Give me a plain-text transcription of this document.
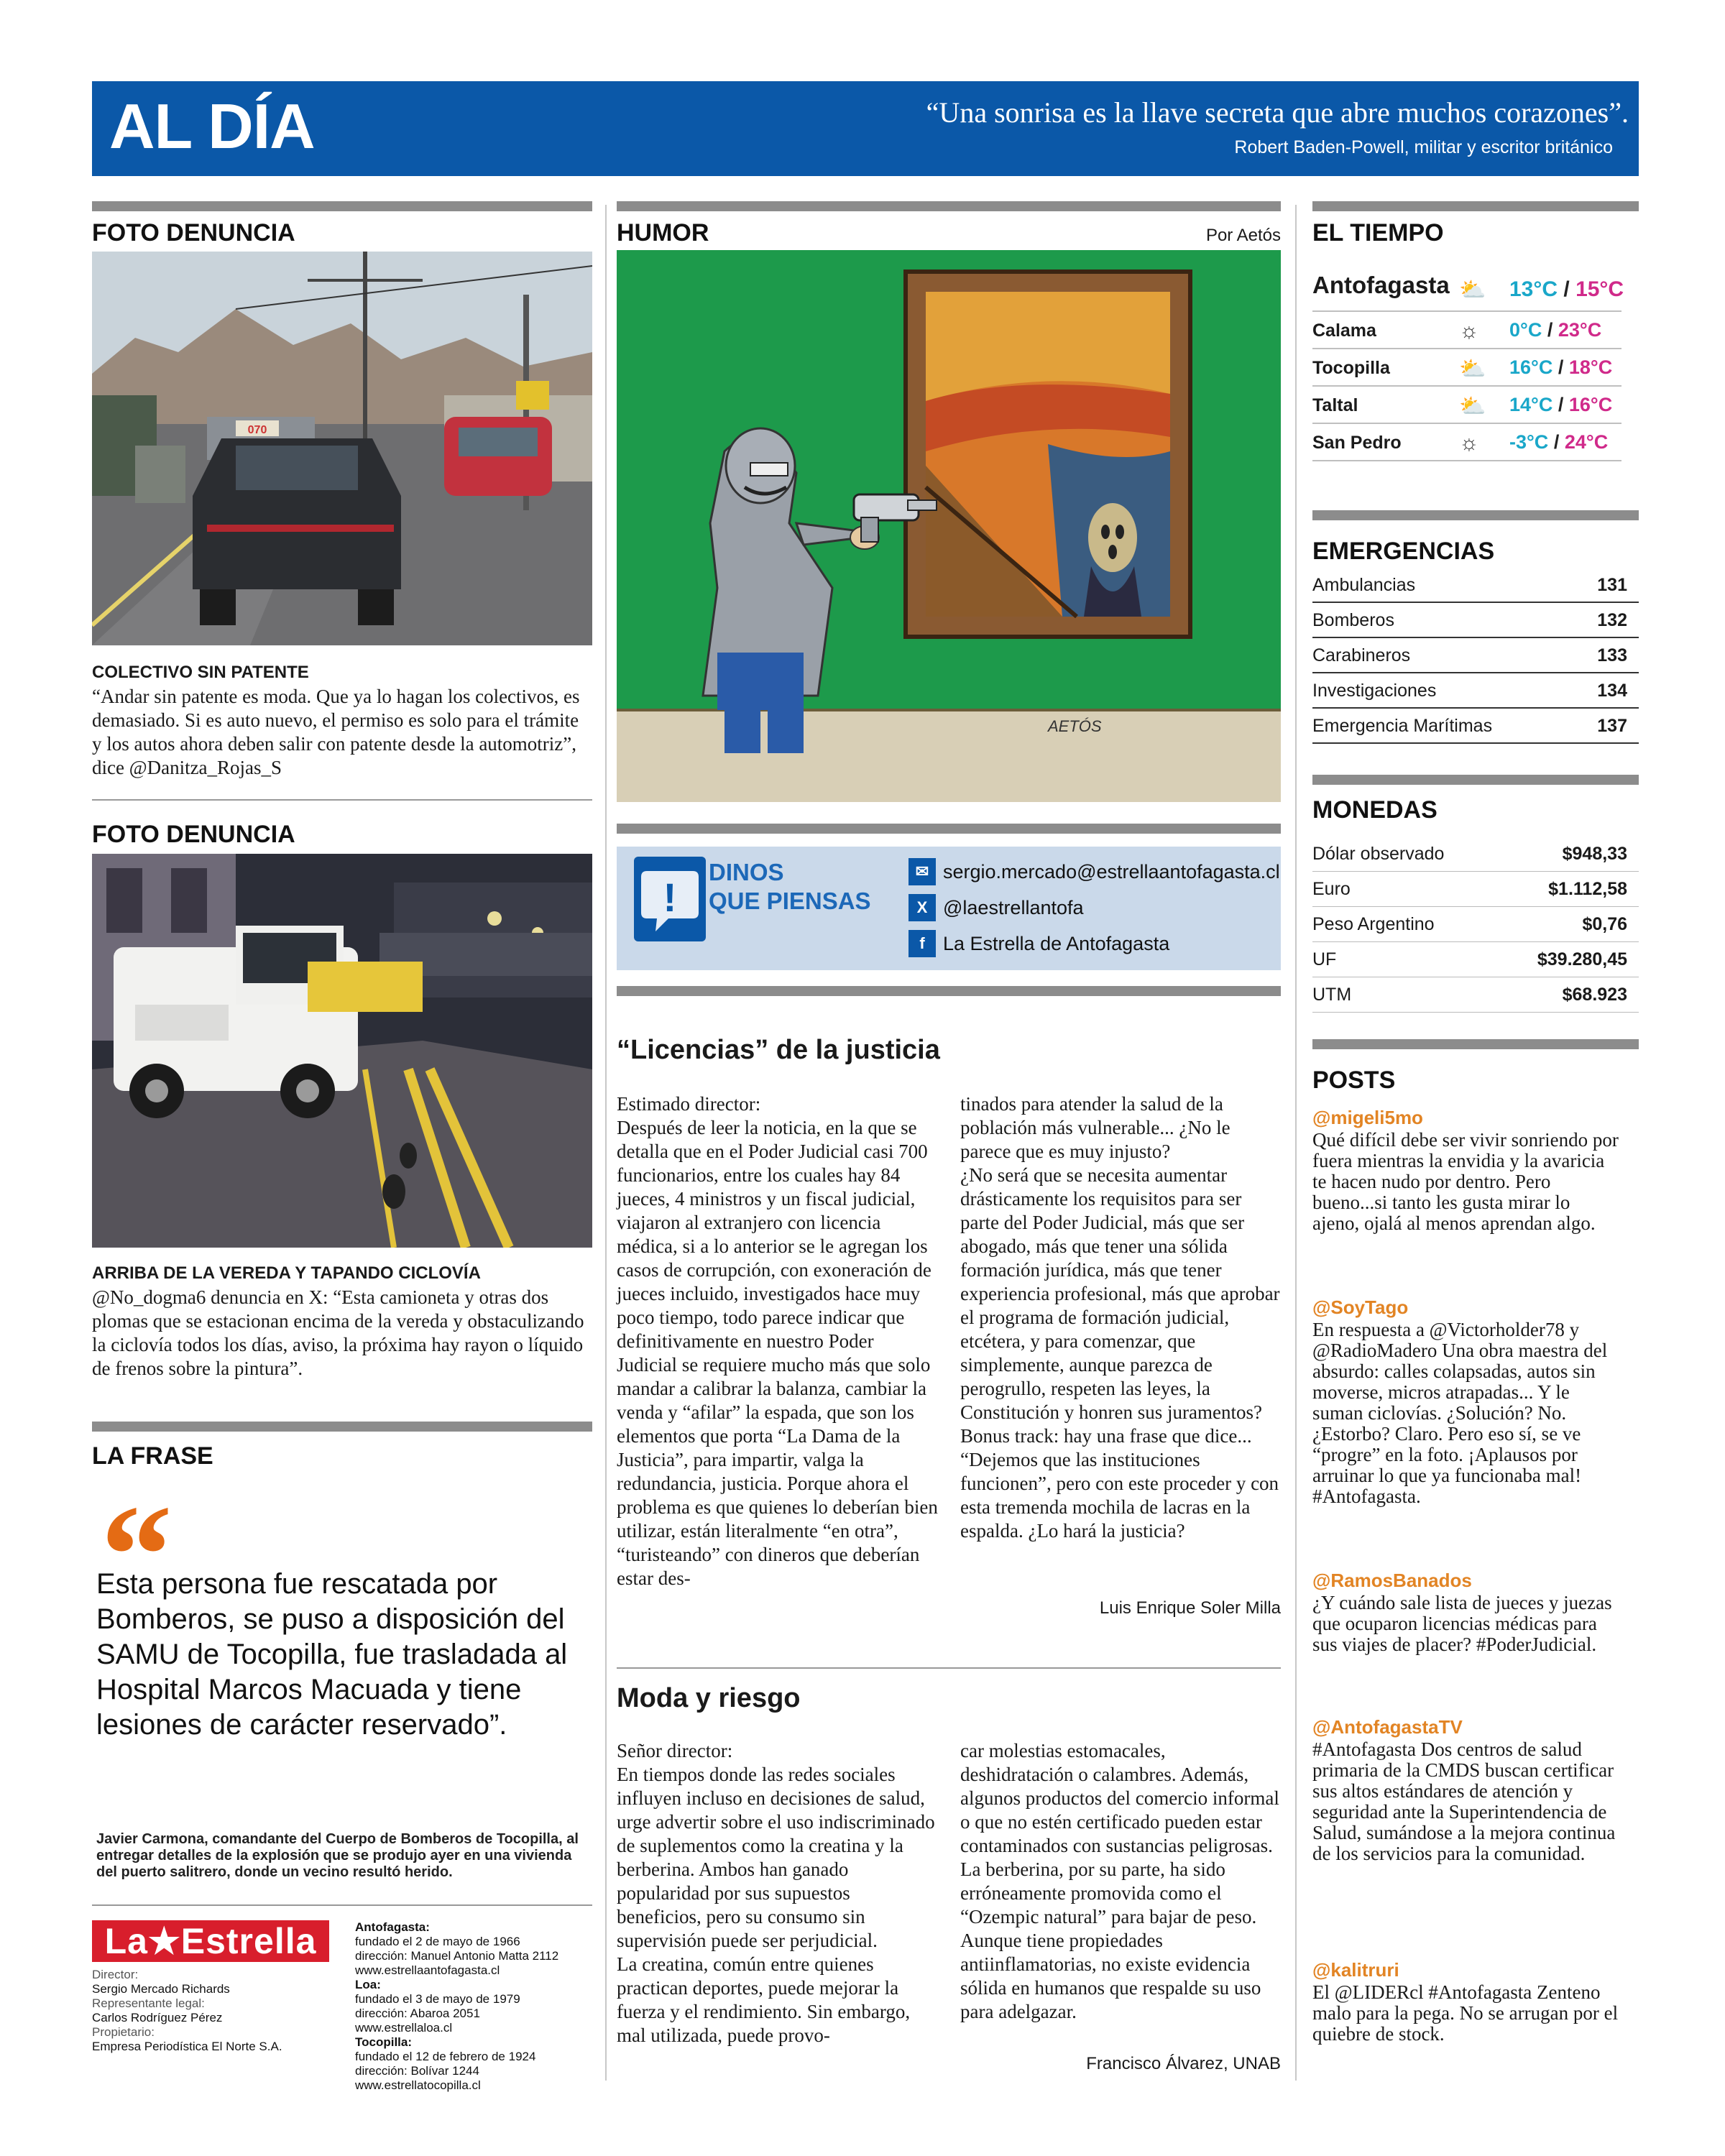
AL DÍA	“Una sonrisa es la llave secreta que abre muchos corazones”.
Robert Baden-Powell, militar y escritor británico
FOTO DENUNCIA
070
COLECTIVO SIN PATENTE
“Andar sin patente es moda. Que ya lo hagan los colectivos, es demasiado. Si es auto nuevo, el permiso es solo para el trámite y los autos ahora deben salir con patente desde la automotriz”, dice @Danitza_Rojas_S
FOTO DENUNCIA
ARRIBA DE LA VEREDA Y TAPANDO CICLOVÍA
@No_dogma6 denuncia en X: “Esta camioneta y otras dos plomas que se estacionan encima de la vereda y obstaculizando la ciclovía todos los días, aviso, la próxima hay rayon o líquido de frenos sobre la pintura”.
LA FRASE
“
Esta persona fue rescatada por Bomberos, se puso a disposición del SAMU de Tocopilla, fue trasladada al Hospital Marcos Macuada y tiene lesiones de carácter reservado”.
Javier Carmona, comandante del Cuerpo de Bomberos de Tocopilla, al entregar detalles de la explosión que se produjo ayer en una vivienda del puerto salitrero, donde un vecino resultó herido.
La★Estrella
Director:
Sergio Mercado Richards
Representante legal:
Carlos Rodríguez Pérez
Propietario:
Empresa Periodística El Norte S.A.
Antofagasta:
fundado el 2 de mayo de 1966
dirección: Manuel Antonio Matta 2112
www.estrellaantofagasta.cl
Loa:
fundado el 3 de mayo de 1979
dirección: Abaroa 2051
www.estrellaloa.cl
Tocopilla:
fundado el 12 de febrero de 1924
dirección: Bolívar 1244
www.estrellatocopilla.cl
HUMOR	Por Aetós
AETÓS
!
DINOS
QUE PIENSAS
✉ sergio.mercado@estrellaantofagasta.cl
X @laestrellantofa
f La Estrella de Antofagasta
“Licencias” de la justicia
Estimado director:
Después de leer la noticia, en la que se detalla que en el Poder Judicial casi 700 funcionarios, entre los cuales hay 84 jueces, 4 ministros y un fiscal judicial, viajaron al extranjero con licencia médica, si a lo anterior se le agregan los casos de corrupción, con exoneración de jueces incluido, investigados hace muy poco tiempo, todo parece indicar que definitivamente en nuestro Poder Judicial se requiere mucho más que solo mandar a calibrar la balanza, cambiar la venda y “afilar” la espada, que son los elementos que porta “La Dama de la Justicia”, para impartir, valga la redundancia, justicia. Porque ahora el problema es que quienes lo deberían bien utilizar, están literalmente “en otra”, “turisteando” con dineros que deberían estar des-
tinados para atender la salud de la población más vulnerable... ¿No le parece que es muy injusto?
¿No será que se necesita aumentar drásticamente los requisitos para ser parte del Poder Judicial, más que ser abogado, más que tener una sólida formación jurídica, más que tener experiencia profesional, más que aprobar el programa de formación judicial, etcétera, y para comenzar, que simplemente, aunque parezca de perogrullo, respeten las leyes, la Constitución y honren sus juramentos?
Bonus track: hay una frase que dice... “Dejemos que las instituciones funcionen”, pero con este proceder y con esta tremenda mochila de lacras en la espalda. ¿Lo hará la justicia?
Luis Enrique Soler Milla
Moda y riesgo
Señor director:
En tiempos donde las redes sociales influyen incluso en decisiones de salud, urge advertir sobre el uso indiscriminado de suplementos como la creatina y la berberina. Ambos han ganado popularidad por sus supuestos beneficios, pero su consumo sin supervisión puede ser perjudicial.
La creatina, común entre quienes practican deportes, puede mejorar la fuerza y el rendimiento. Sin embargo, mal utilizada, puede provo-
car molestias estomacales, deshidratación o calambres. Además, algunos productos del comercio informal o que no estén certificado pueden estar contaminados con sustancias peligrosas. La berberina, por su parte, ha sido erróneamente promovida como el “Ozempic natural” para bajar de peso. Aunque tiene propiedades antiinflamatorias, no existe evidencia sólida en humanos que respalde su uso para adelgazar.
Francisco Álvarez, UNAB
EL TIEMPO
Antofagasta ⛅ 13°C / 15°C
Calama	☼ 0°C / 23°C
Tocopilla	⛅ 16°C / 18°C
Taltal	⛅ 14°C / 16°C
San Pedro	☼ -3°C / 24°C
EMERGENCIAS
Ambulancias	131
Bomberos	132
Carabineros	133
Investigaciones	134
Emergencia Marítimas	137
MONEDAS
Dólar observado	$948,33
Euro	$1.112,58
Peso Argentino	$0,76
UF	$39.280,45
UTM	$68.923
POSTS
@migeli5mo
Qué difícil debe ser vivir sonriendo por fuera mientras la envidia y la avaricia te hacen nudo por dentro. Pero bueno...si tanto les gusta mirar lo ajeno, ojalá al menos aprendan algo.
@SoyTago
En respuesta a @Victorholder78 y @RadioMadero Una obra maestra del absurdo: calles colapsadas, autos sin moverse, micros atrapadas... Y le suman ciclovías. ¿Solución? No. ¿Estorbo? Claro. Pero eso sí, se ve “progre” en la foto. ¡Aplausos por arruinar lo que ya funcionaba mal! #Antofagasta.
@RamosBanados
¿Y cuándo sale lista de jueces y juezas que ocuparon licencias médicas para sus viajes de placer? #PoderJudicial.
@AntofagastaTV
#Antofagasta Dos centros de salud primaria de la CMDS buscan certificar sus altos estándares de atención y seguridad ante la Superintendencia de Salud, sumándose a la mejora continua de los servicios para la comunidad.
@kalitruri
El @LIDERcl #Antofagasta Zenteno malo para la pega. No se arrugan por el quiebre de stock.
